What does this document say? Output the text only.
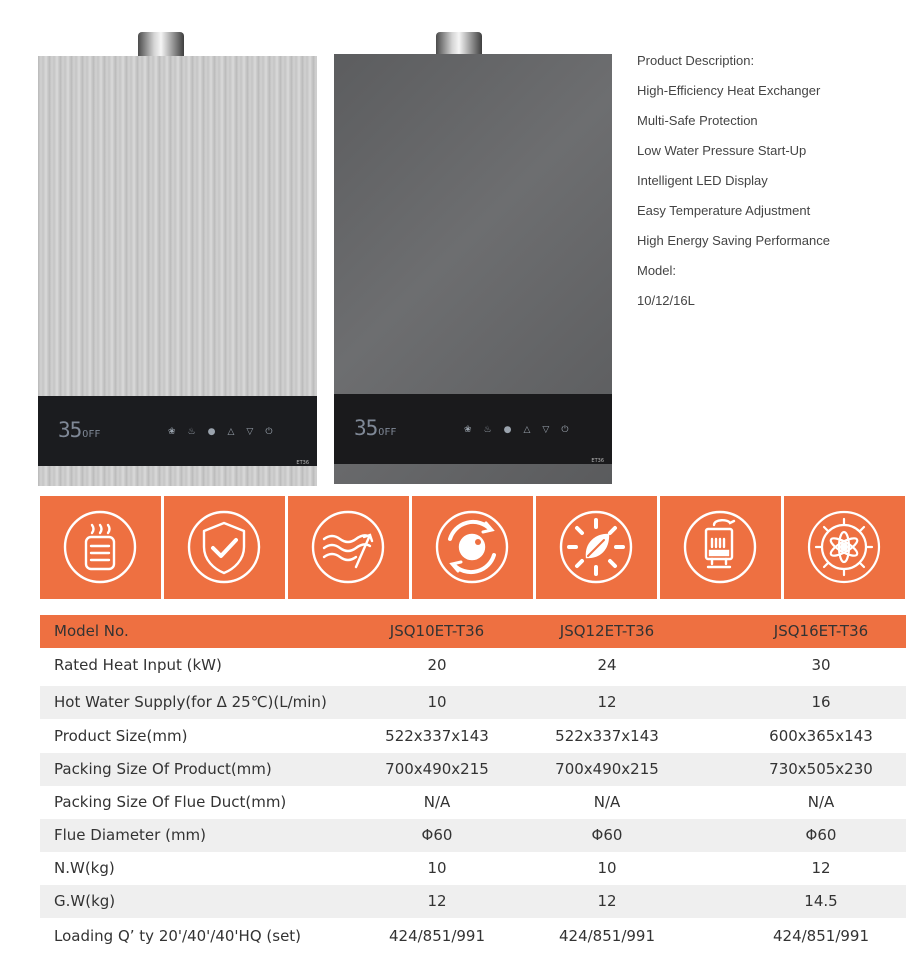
35OFF	❀ ♨ ● △ ▽ ⏻
ET36
35OFF	❀ ♨ ● △ ▽ ⏻
ET36
Product Description:
High-Efficiency Heat Exchanger
Multi-Safe Protection
Low Water Pressure Start-Up
Intelligent LED Display
Easy Temperature Adjustment
High Energy Saving Performance
Model:
10/12/16L
Model No.	JSQ10ET-T36	JSQ12ET-T36	JSQ16ET-T36
Rated Heat Input (kW)	20	24	30
Hot Water Supply(for Δ 25℃)(L/min)	10	12	16
Product Size(mm)	522x337x143	522x337x143	600x365x143
Packing Size Of Product(mm)	700x490x215	700x490x215	730x505x230
Packing Size Of Flue Duct(mm)	N/A	N/A	N/A
Flue Diameter (mm)	Φ60	Φ60	Φ60
N.W(kg)	10	10	12
G.W(kg)	12	12	14.5
Loading Q’ ty 20'/40'/40'HQ (set)	424/851/991	424/851/991	424/851/991
